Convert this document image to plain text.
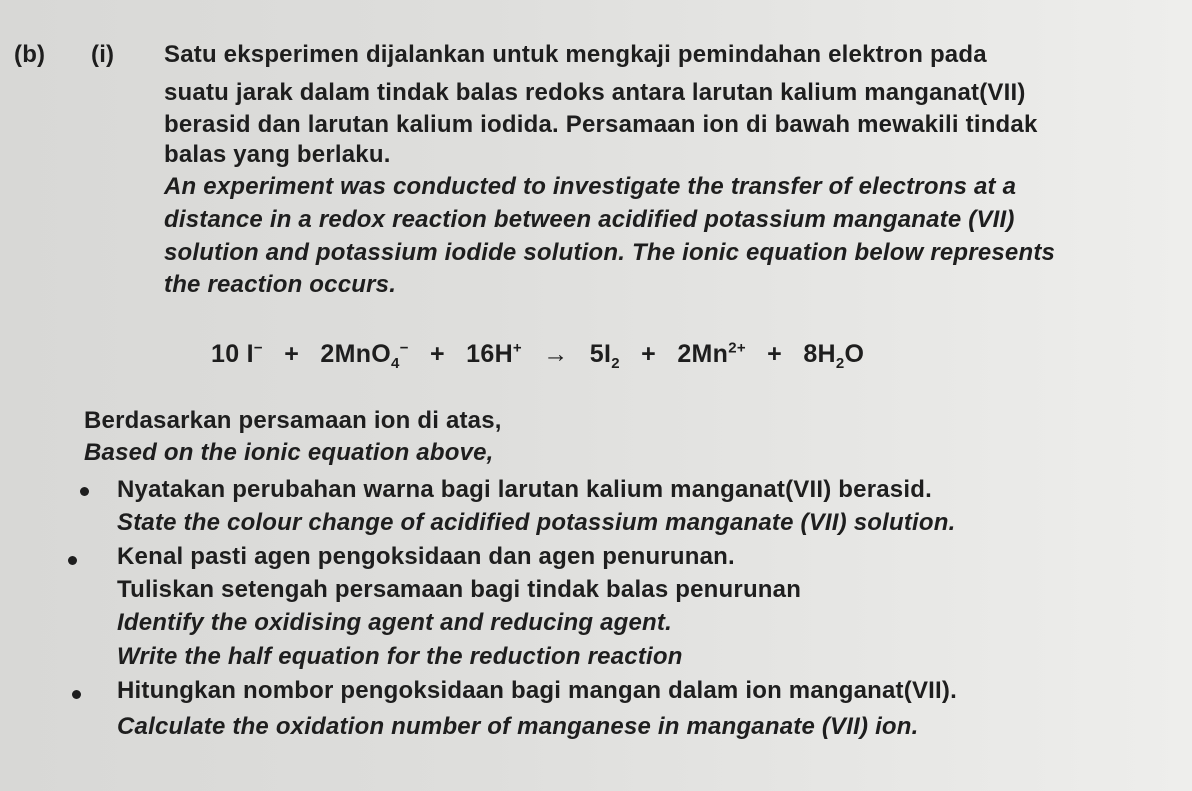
(b) (i) Satu eksperimen dijalankan untuk mengkaji pemindahan elektron pada
suatu jarak dalam tindak balas redoks antara larutan kalium manganat(VII)
berasid dan larutan kalium iodida. Persamaan ion di bawah mewakili tindak
balas yang berlaku.
An experiment was conducted to investigate the transfer of electrons at a
distance in a redox reaction between acidified potassium manganate (VII)
solution and potassium iodide solution. The ionic equation below represents
the reaction occurs.
10 $I^- + 2MnO_4^- + 16H^+ \to 5I_2 + 2Mn^{2+} + 8H_2O$
Berdasarkan persamaan ion di atas,
Based on the ionic equation above,
Nyatakan perubahan warna bagi larutan kalium manganat(VII) berasid.
State the colour change of acidified potassium manganate (VII) solution.
Kenal pasti agen pengoksidaan dan agen penurunan.
Tuliskan setengah persamaan bagi tindak balas penurunan
Identify the oxidising agent and reducing agent.
Write the half equation for the reduction reaction
Hitungkan nombor pengoksidaan bagi mangan dalam ion manganat(VII).
Calculate the oxidation number of manganese in manganate (VII) ion.
